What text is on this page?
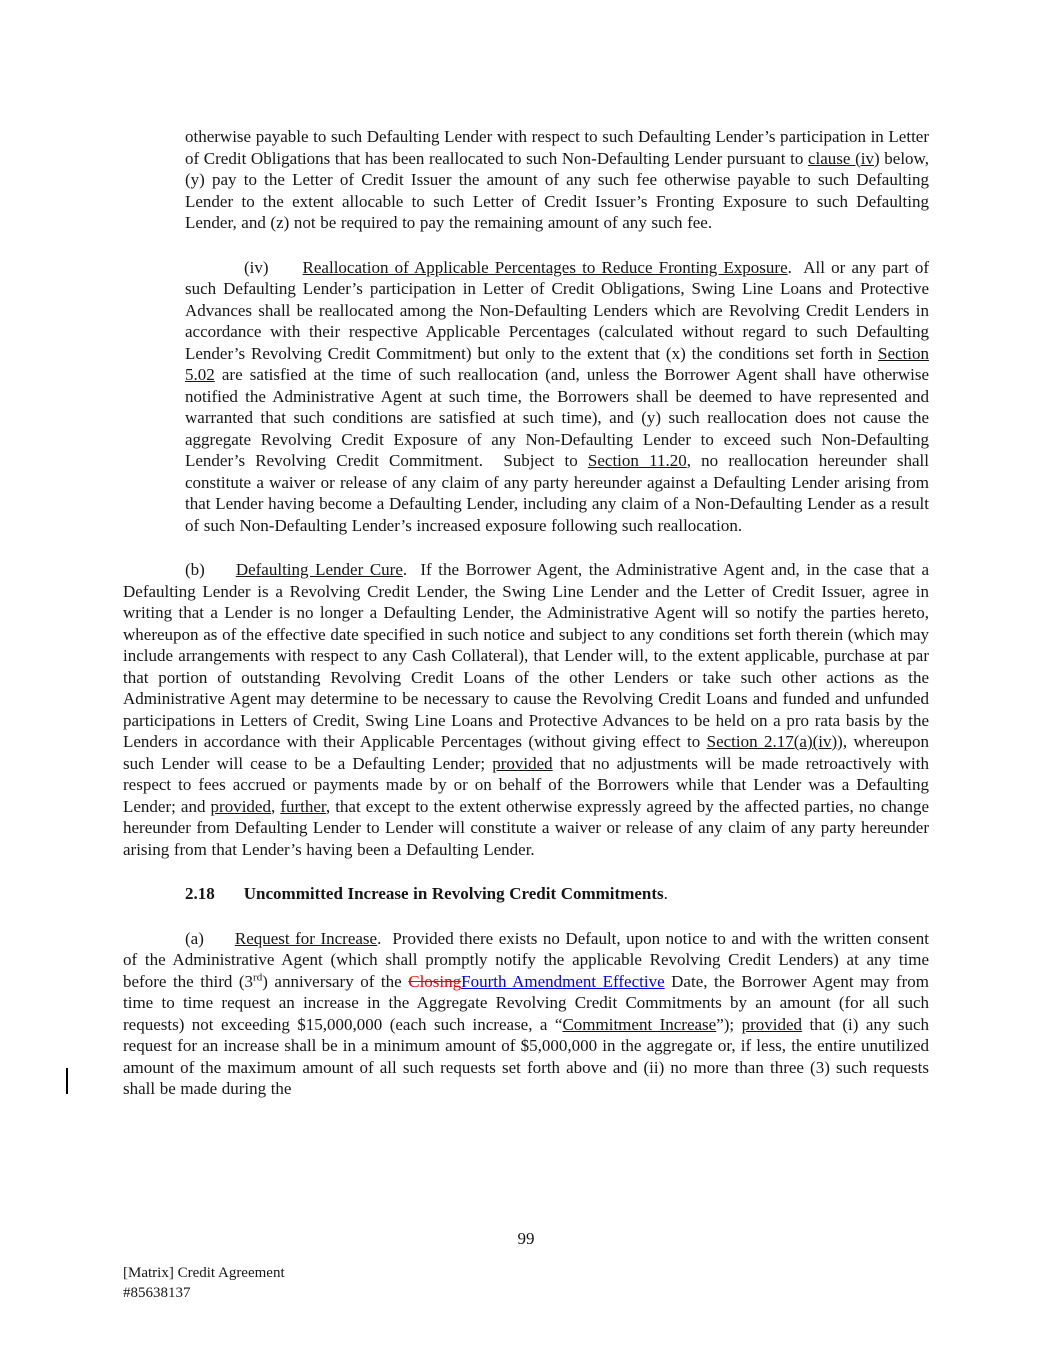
otherwise payable to such Defaulting Lender with respect to such Defaulting Lender’s participation in Letter of Credit Obligations that has been reallocated to such Non-Defaulting Lender pursuant to clause (iv) below, (y) pay to the Letter of Credit Issuer the amount of any such fee otherwise payable to such Defaulting Lender to the extent allocable to such Letter of Credit Issuer’s Fronting Exposure to such Defaulting Lender, and (z) not be required to pay the remaining amount of any such fee.

(iv) Reallocation of Applicable Percentages to Reduce Fronting Exposure.  All or any part of such Defaulting Lender’s participation in Letter of Credit Obligations, Swing Line Loans and Protective Advances shall be reallocated among the Non-Defaulting Lenders which are Revolving Credit Lenders in accordance with their respective Applicable Percentages (calculated without regard to such Defaulting Lender’s Revolving Credit Commitment) but only to the extent that (x) the conditions set forth in Section 5.02 are satisfied at the time of such reallocation (and, unless the Borrower Agent shall have otherwise notified the Administrative Agent at such time, the Borrowers shall be deemed to have represented and warranted that such conditions are satisfied at such time), and (y) such reallocation does not cause the aggregate Revolving Credit Exposure of any Non-Defaulting Lender to exceed such Non-Defaulting Lender’s Revolving Credit Commitment.  Subject to Section 11.20, no reallocation hereunder shall constitute a waiver or release of any claim of any party hereunder against a Defaulting Lender arising from that Lender having become a Defaulting Lender, including any claim of a Non-Defaulting Lender as a result of such Non-Defaulting Lender’s increased exposure following such reallocation.

(b) Defaulting Lender Cure.  If the Borrower Agent, the Administrative Agent and, in the case that a Defaulting Lender is a Revolving Credit Lender, the Swing Line Lender and the Letter of Credit Issuer, agree in writing that a Lender is no longer a Defaulting Lender, the Administrative Agent will so notify the parties hereto, whereupon as of the effective date specified in such notice and subject to any conditions set forth therein (which may include arrangements with respect to any Cash Collateral), that Lender will, to the extent applicable, purchase at par that portion of outstanding Revolving Credit Loans of the other Lenders or take such other actions as the Administrative Agent may determine to be necessary to cause the Revolving Credit Loans and funded and unfunded participations in Letters of Credit, Swing Line Loans and Protective Advances to be held on a pro rata basis by the Lenders in accordance with their Applicable Percentages (without giving effect to Section 2.17(a)(iv)), whereupon such Lender will cease to be a Defaulting Lender; provided that no adjustments will be made retroactively with respect to fees accrued or payments made by or on behalf of the Borrowers while that Lender was a Defaulting Lender; and provided, further, that except to the extent otherwise expressly agreed by the affected parties, no change hereunder from Defaulting Lender to Lender will constitute a waiver or release of any claim of any party hereunder arising from that Lender’s having been a Defaulting Lender.

2.18 Uncommitted Increase in Revolving Credit Commitments.

(a) Request for Increase.  Provided there exists no Default, upon notice to and with the written consent of the Administrative Agent (which shall promptly notify the applicable Revolving Credit Lenders) at any time before the third (3rd) anniversary of the ClosingFourth Amendment Effective Date, the Borrower Agent may from time to time request an increase in the Aggregate Revolving Credit Commitments by an amount (for all such requests) not exceeding $15,000,000 (each such increase, a “Commitment Increase”); provided that (i) any such request for an increase shall be in a minimum amount of $5,000,000 in the aggregate or, if less, the entire unutilized amount of the maximum amount of all such requests set forth above and (ii) no more than three (3) such requests shall be made during the

99
[Matrix] Credit Agreement
#85638137
